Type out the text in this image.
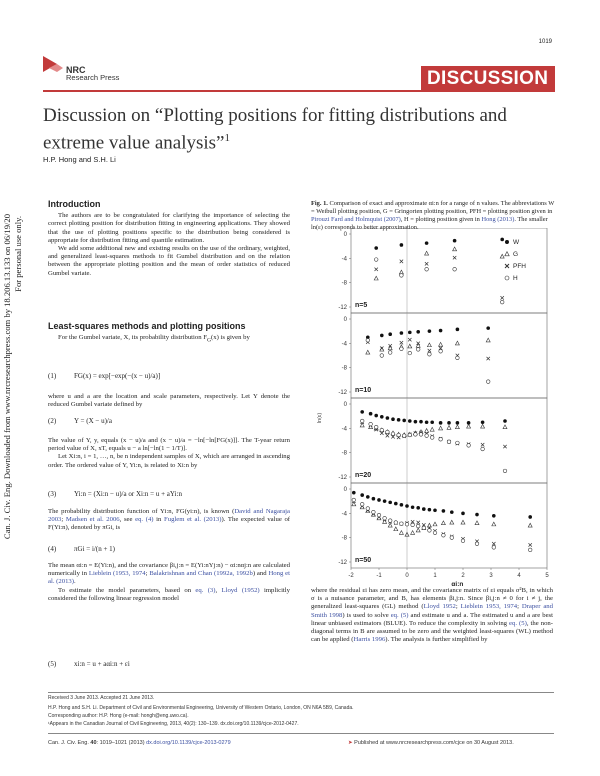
1019
NRC
Research Press	DISCUSSION
Discussion on “Plotting positions for fitting distributions and extreme value analysis”$^1$
H.P. Hong and S.H. Li
Can. J. Civ. Eng. Downloaded from www.nrcresearchpress.com by 18.206.13.133 on 06/19/20 For personal use only.
Introduction

The authors are to be congratulated for clarifying the importance of selecting the correct plotting position for distribution fitting in engineering applications. They showed that the use of plotting positions specific to the distribution being considered is appropriate for distribution fitting and quantile estimation.

We add some additional new and existing results on the use of the ordinary, weighted, and generalized least-squares methods to fit Gumbel distribution and on the relation between the appropriate plotting position and the mean of order statistics of reduced Gumbel variate.

Least-squares methods and plotting positions

For the Gumbel variate, X, its probability distribution $F_G(x)$ is given by

(1)	FG(x) = exp[−exp(−(x − u)/a)]
where u and a are the location and scale parameters, respectively. Let Y denote the reduced Gumbel variate defined by
(2)	Y = (X − u)/a

The value of Y, y, equals (x − u)/a and (x − u)/a = −ln[−ln[FG(x)]]. The T-year return period value of X, xT, equals u − a ln[−ln(1 − 1/T)].

Let Xi:n, i = 1, …, n, be n independent samples of X, which are arranged in ascending order. The ordered value of Y, Yi:n, is related to Xi:n by

(3)	Yi:n = (Xi:n − u)/a or Xi:n = u + aYi:n
The probability distribution function of Yi:n, FG(yi:n), is known (David and Nagaraja 2003; Madsen et al. 2006, see eq. (4) in Fuglem et al. (2013)). The expected value of F(Yi:n), denoted by πGi, is
(4)	πGi = i/(n + 1)

The mean αi:n = E(Yi:n), and the covariance βi,j:n = E(Yi:nYj:n) − αi:nαj:n are calculated numerically in Lieblein (1953, 1974; Balakrishnan and Chan (1992a, 1992b) and Hong et al. (2013).

To estimate the model parameters, based on eq. (3), Lloyd (1952) implicitly considered the following linear regression model

(5)	xi:n = u + aαi:n + εi
Fig. 1. Comparison of exact and approximate αi:n for a range of n values. The abbreviations W = Weibull plotting position, G = Gringorten plotting position, PFH = plotting position given in Pirouzi Fard and Holmquist (2007), H = plotting position given in Hong (2013). The smaller ln(ε) corresponds to better approximation.
0
-4
-8
-12 n=5
0
-4
-8
-12 n=10
0
-4
-8
-12 n=20
0
-4
-8
-12 n=50
W
G
PFH
H
-2	-1	0	1	2	3	4	5
αi:n
ln(ε)
where the residual εi has zero mean, and the covariance matrix of εi equals σ²B, in which σ is a nuisance parameter, and B, has elements βi,j:n. Since βi,j:n ≠ 0 for i ≠ j, the generalized least-squares (GL) method (Lloyd 1952; Lieblein 1953, 1974; Draper and Smith 1998) is used to solve eq. (5) and estimate u and a. The estimated u and a are best linear unbiased estimators (BLUE). To reduce the complexity in solving eq. (5), the non-diagonal terms in B are assumed to be zero and the weighted least-squares (WL) method can be applied (Harris 1996). The analysis is further simplified by
Received 3 June 2013. Accepted 21 June 2013.
H.P. Hong and S.H. Li. Department of Civil and Environmental Engineering, University of Western Ontario, London, ON N6A 5B9, Canada.
Corresponding author: H.P. Hong (e-mail: hongh@eng.uwo.ca).
¹Appears in the Canadian Journal of Civil Engineering, 2013, 40(2): 130–139. dx.doi.org/10.1139/cjce-2012-0427.
Can. J. Civ. Eng. 40: 1019–1021 (2013) dx.doi.org/10.1139/cjce-2013-0279	➤ Published at www.nrcresearchpress.com/cjce on 30 August 2013.
